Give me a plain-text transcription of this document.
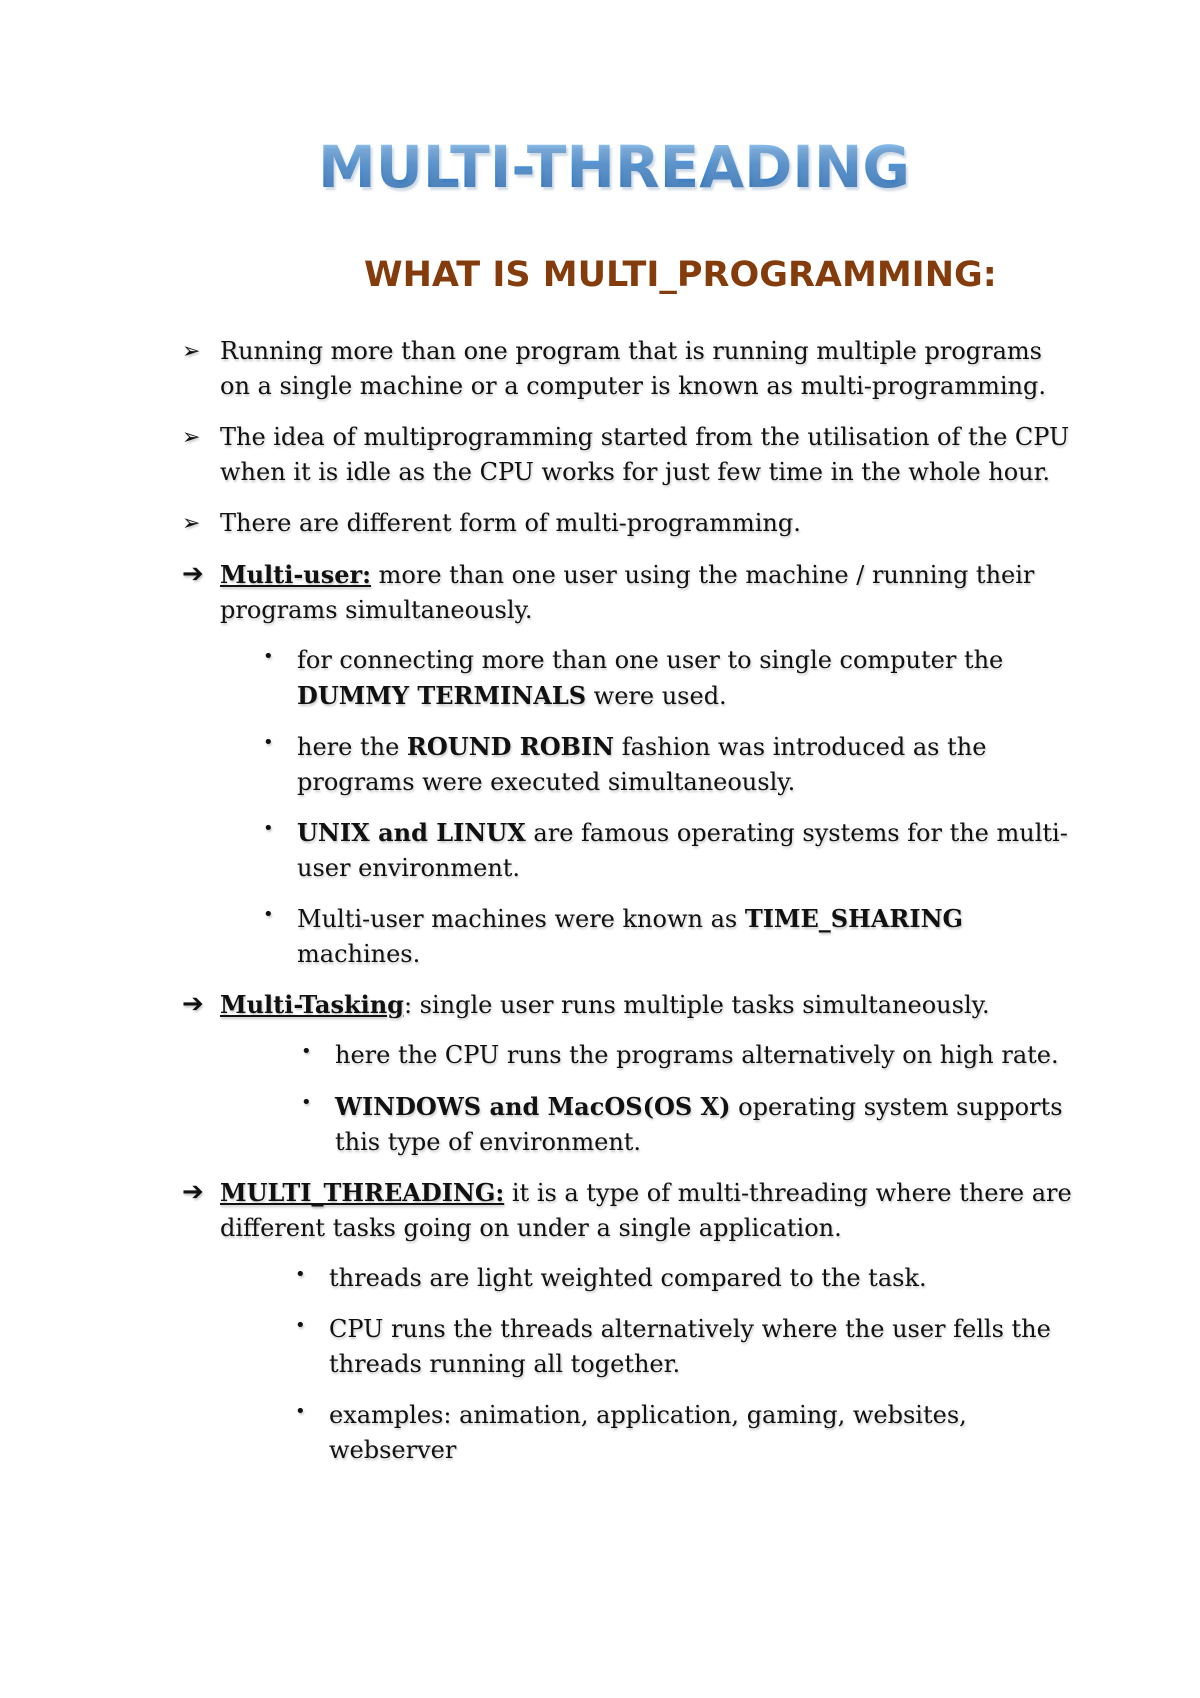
MULTI-THREADING
WHAT IS MULTI_PROGRAMMING:
➢ Running more than one program that is running multiple programs
on a single machine or a computer is known as multi-programming.
➢ The idea of multiprogramming started from the utilisation of the CPU
when it is idle as the CPU works for just few time in the whole hour.
➢ There are different form of multi-programming.
➔ Multi-user: more than one user using the machine / running their
programs simultaneously.
• for connecting more than one user to single computer the
DUMMY TERMINALS were used.
• here the ROUND ROBIN fashion was introduced as the
programs were executed simultaneously.
• UNIX and LINUX are famous operating systems for the multi-
user environment.
• Multi-user machines were known as TIME_SHARING
machines.
➔ Multi-Tasking: single user runs multiple tasks simultaneously.
• here the CPU runs the programs alternatively on high rate.
• WINDOWS and MacOS(OS X) operating system supports
this type of environment.
➔ MULTI_THREADING: it is a type of multi-threading where there are
different tasks going on under a single application.
• threads are light weighted compared to the task.
• CPU runs the threads alternatively where the user fells the
threads running all together.
• examples: animation, application, gaming, websites,
webserver
